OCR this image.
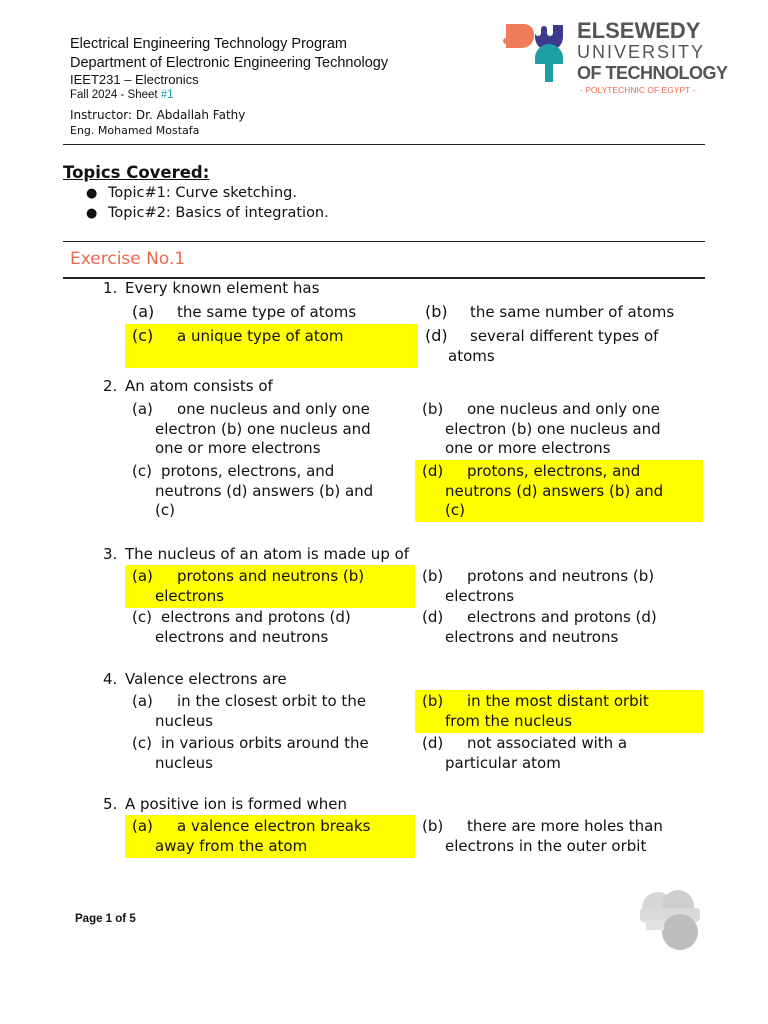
Electrical Engineering Technology Program
Department of Electronic Engineering Technology
IEET231 – Electronics
Fall 2024 - Sheet #1
Instructor: Dr. Abdallah Fathy
Eng. Mohamed Mostafa
ELSEWEDY
UNIVERSITY
OF TECHNOLOGY
- POLYTECHNIC OF EGYPT -
Topics Covered:
● Topic#1: Curve sketching.
● Topic#2: Basics of integration.
Exercise No.1
1. Every known element has
(a) the same type of atoms	(b) the same number of atoms
(c) a unique type of atom	(d) several different types of
atoms
2. An atom consists of
(a) one nucleus and only one
electron (b) one nucleus and
one or more electrons
(b) one nucleus and only one
electron (b) one nucleus and
one or more electrons
(c) protons, electrons, and
neutrons (d) answers (b) and
(c)
(d) protons, electrons, and
neutrons (d) answers (b) and
(c)
3. The nucleus of an atom is made up of
(a) protons and neutrons (b)
electrons
(b) protons and neutrons (b)
electrons
(c) electrons and protons (d)
electrons and neutrons
(d) electrons and protons (d)
electrons and neutrons
4. Valence electrons are
(a) in the closest orbit to the
nucleus
(b) in the most distant orbit
from the nucleus
(c) in various orbits around the
nucleus
(d) not associated with a
particular atom
5. A positive ion is formed when
(a) a valence electron breaks
away from the atom
(b) there are more holes than
electrons in the outer orbit
Page 1 of 5
